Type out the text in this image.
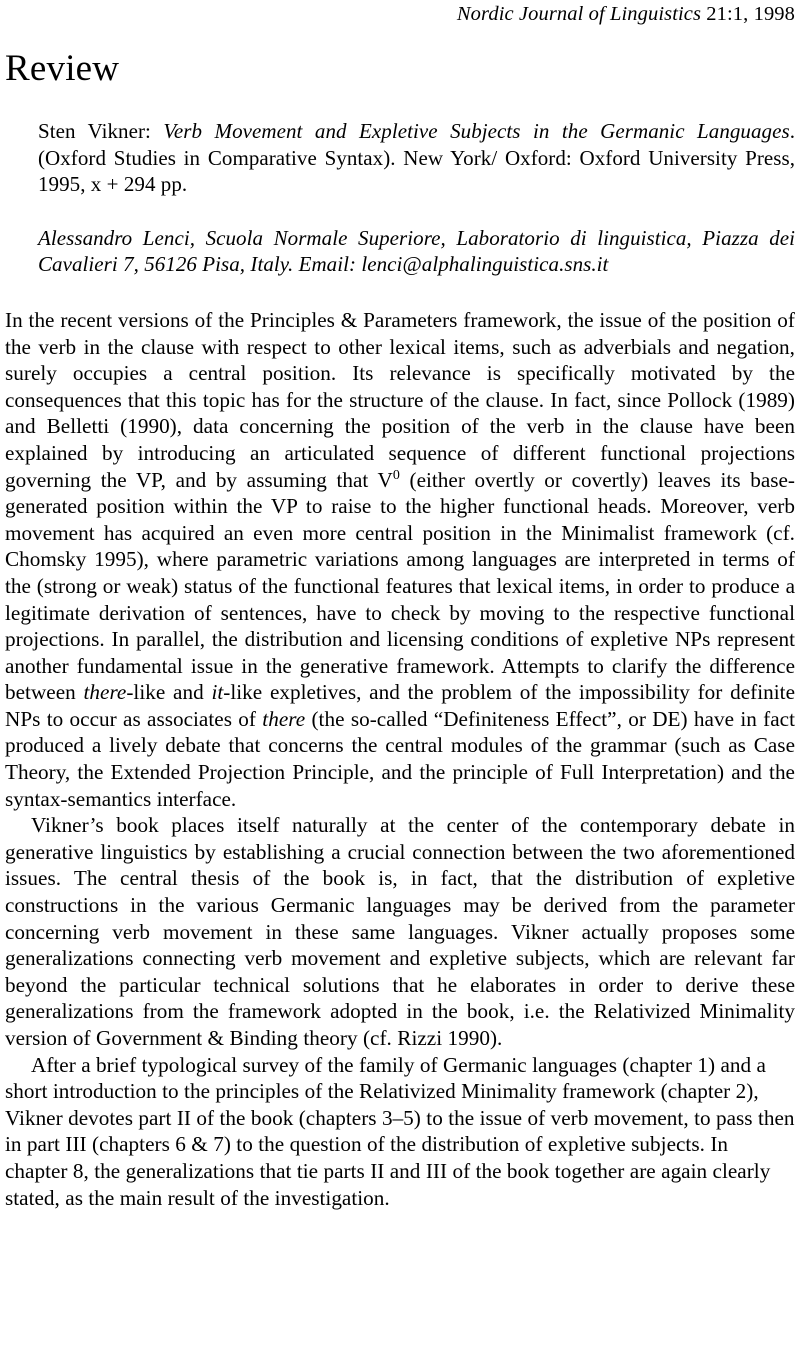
Nordic Journal of Linguistics 21:1, 1998
Review
Sten Vikner: Verb Movement and Expletive Subjects in the Germanic Languages. (Oxford Studies in Comparative Syntax). New York/ Oxford: Oxford University Press, 1995, x + 294 pp.
Alessandro Lenci, Scuola Normale Superiore, Laboratorio di linguistica, Piazza dei Cavalieri 7, 56126 Pisa, Italy. Email: lenci@alphalinguistica.sns.it

In the recent versions of the Principles & Parameters framework, the issue of the position of the verb in the clause with respect to other lexical items, such as adverbials and negation, surely occupies a central position. Its relevance is specifically motivated by the consequences that this topic has for the structure of the clause. In fact, since Pollock (1989) and Belletti (1990), data concerning the position of the verb in the clause have been explained by introducing an articulated sequence of different functional projections governing the VP, and by assuming that $V^0$ (either overtly or covertly) leaves its base-generated position within the VP to raise to the higher functional heads. Moreover, verb movement has acquired an even more central position in the Minimalist framework (cf. Chomsky 1995), where parametric variations among languages are interpreted in terms of the (strong or weak) status of the functional features that lexical items, in order to produce a legitimate derivation of sentences, have to check by moving to the respective functional projections. In parallel, the distribution and licensing conditions of expletive NPs represent another fundamental issue in the generative framework. Attempts to clarify the difference between there-like and it-like expletives, and the problem of the impossibility for definite NPs to occur as associates of there (the so-called “Definiteness Effect”, or DE) have in fact produced a lively debate that concerns the central modules of the grammar (such as Case Theory, the Extended Projection Principle, and the principle of Full Interpretation) and the syntax-semantics interface.

Vikner’s book places itself naturally at the center of the contemporary debate in generative linguistics by establishing a crucial connection between the two aforementioned issues. The central thesis of the book is, in fact, that the distribution of expletive constructions in the various Germanic languages may be derived from the parameter concerning verb movement in these same languages. Vikner actually proposes some generalizations connecting verb movement and expletive subjects, which are relevant far beyond the particular technical solutions that he elaborates in order to derive these generalizations from the framework adopted in the book, i.e. the Relativized Minimality version of Government & Binding theory (cf. Rizzi 1990).

After a brief typological survey of the family of Germanic languages (chapter 1) and a short introduction to the principles of the Relativized Minimality framework (chapter 2), Vikner devotes part II of the book (chapters 3–5) to the issue of verb movement, to pass then in part III (chapters 6 & 7) to the question of the distribution of expletive subjects. In chapter 8, the generalizations that tie parts II and III of the book together are again clearly stated, as the main result of the investigation.
